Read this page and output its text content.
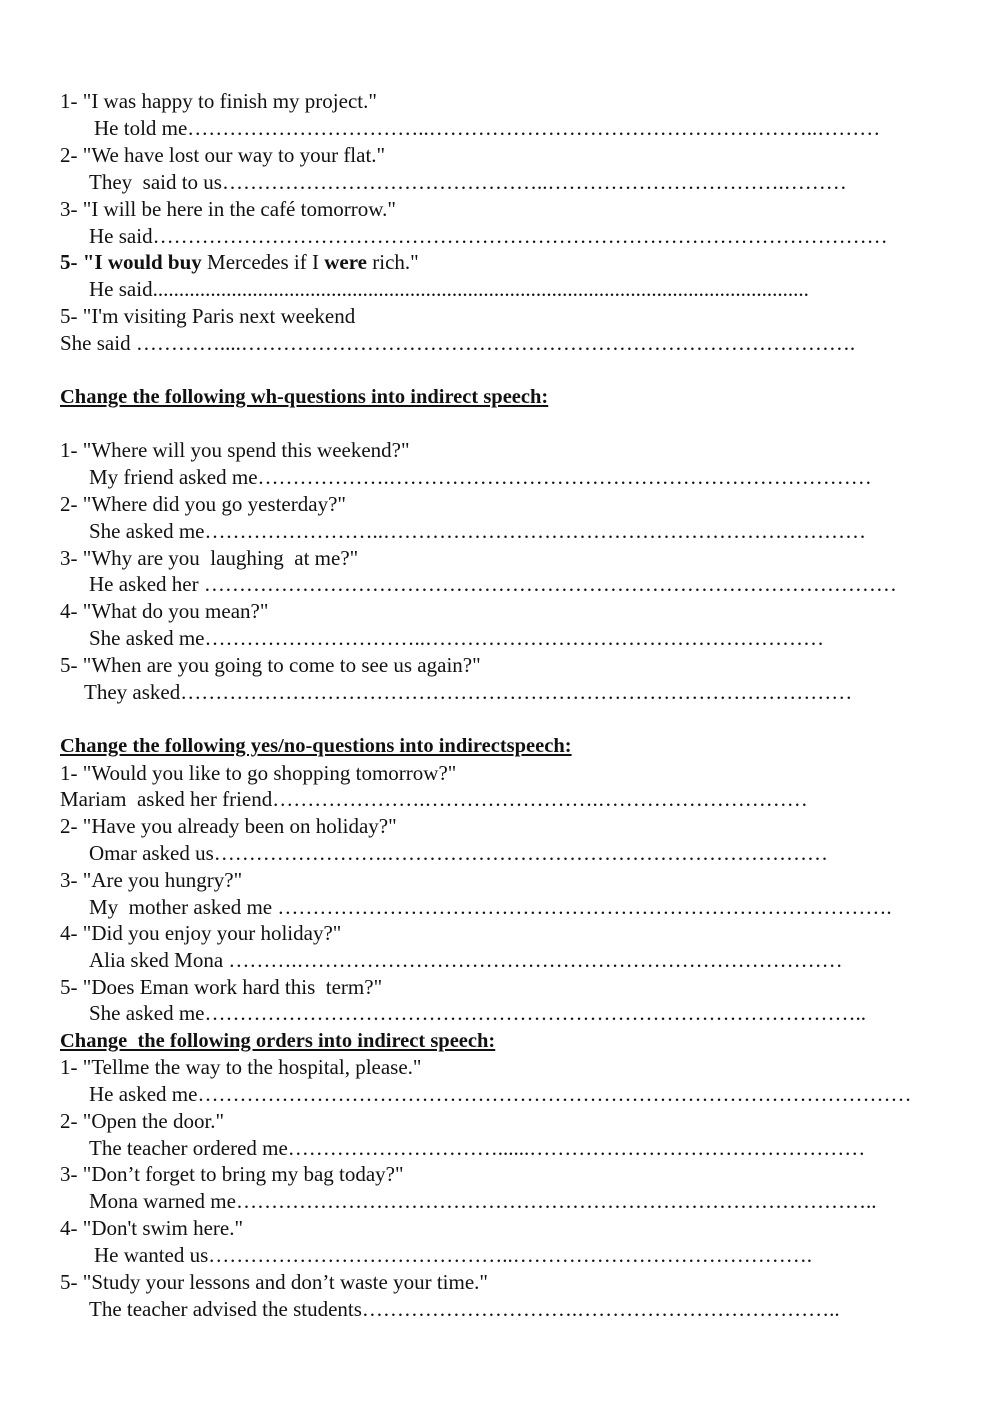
1- "I was happy to finish my project."
He told me……………………………..………………………………………………..………
2- "We have lost our way to your flat."
They  said to us………………………………………..…………………………….………
3- "I will be here in the café tomorrow."
He said……………………………………………………………………………………………
5- "I would buy Mercedes if I were rich."
He said.............................................................................................................................
5- "I'm visiting Paris next weekend
She said …………....…………………………………………………………………………….
Change the following wh-questions into indirect speech:
1- "Where will you spend this weekend?"
My friend asked me……………….……………………………………………………………
2- "Where did you go yesterday?"
She asked me……………………..……………………………………………………………
3- "Why are you  laughing  at me?"
He asked her ………………………………………………………………………………………
4- "What do you mean?"
She asked me…………………………..…………………………………………………
5- "When are you going to come to see us again?"
They asked……………………………………………………………………………………
Change the following yes/no-questions into indirectspeech:
1- "Would you like to go shopping tomorrow?"
Mariam  asked her friend………………….…………………….…………………………
2- "Have you already been on holiday?"
Omar asked us…………………….………………………………………………………
3- "Are you hungry?"
My  mother asked me …………………………………………………………………………….
4- "Did you enjoy your holiday?"
Alia sked Mona ……….……………………………………………………………………
5- "Does Eman work hard this  term?"
She asked me…………………………………………………………………………………..
Change  the following orders into indirect speech:
1- "Tellme the way to the hospital, please."
He asked me…………………………………………………………………………………………
2- "Open the door."
The teacher ordered me…………………………......…………………………………………
3- "Don’t forget to bring my bag today?"
Mona warned me………………………………………………………………………………..
4- "Don't swim here."
He wanted us……………………………………..…………………………………….
5- "Study your lessons and don’t waste your time."
The teacher advised the students………………………….………………………………..
